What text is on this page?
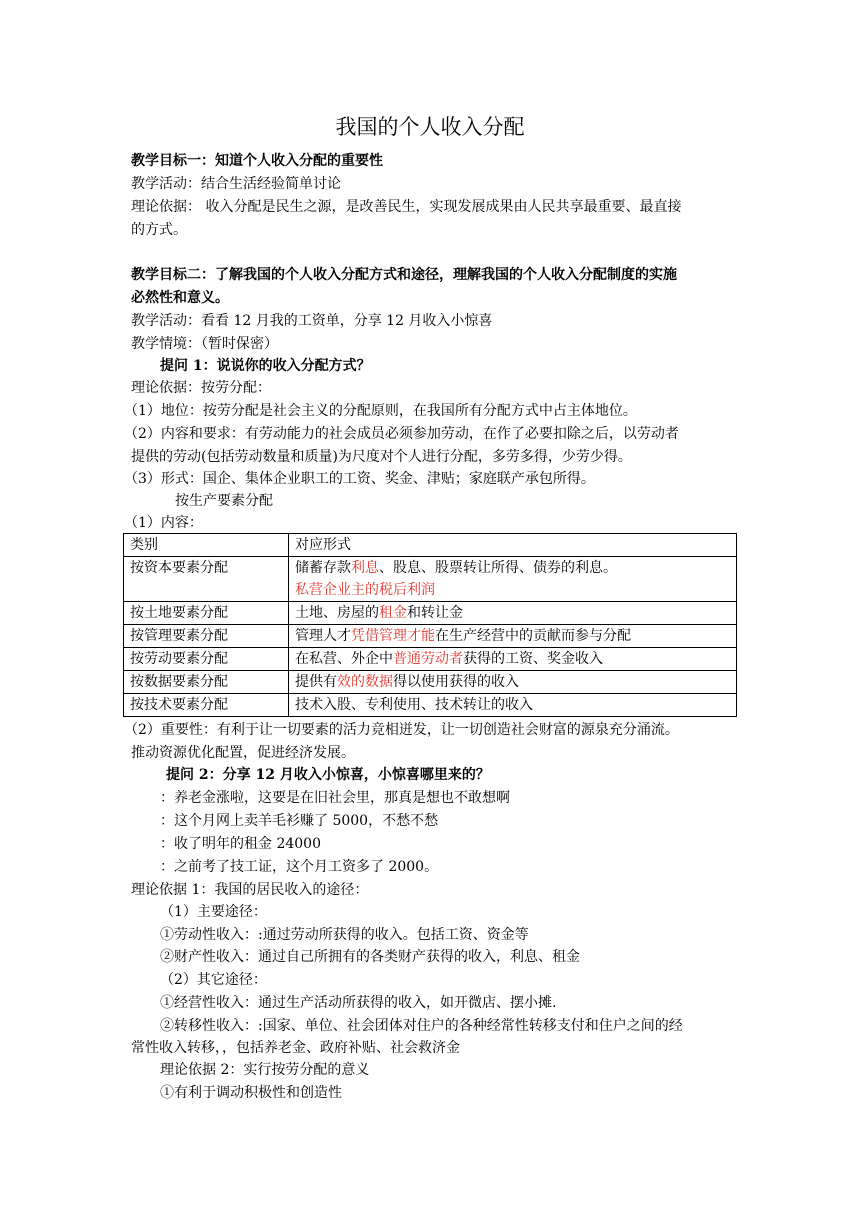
我国的个人收入分配
教学目标一：知道个人收入分配的重要性
教学活动：结合生活经验简单讨论
理论依据： 收入分配是民生之源，是改善民生，实现发展成果由人民共享最重要、最直接
的方式。
教学目标二：了解我国的个人收入分配方式和途径，理解我国的个人收入分配制度的实施
必然性和意义。
教学活动：看看 12 月我的工资单，分享 12 月收入小惊喜
教学情境：（暂时保密）
提问 1：说说你的收入分配方式？
理论依据：按劳分配：
（1）地位：按劳分配是社会主义的分配原则，在我国所有分配方式中占主体地位。
（2）内容和要求：有劳动能力的社会成员必须参加劳动，在作了必要扣除之后，以劳动者
提供的劳动(包括劳动数量和质量)为尺度对个人进行分配，多劳多得，少劳少得。
（3）形式：国企、集体企业职工的工资、奖金、津贴；家庭联产承包所得。
按生产要素分配
（1）内容：
类别	对应形式
按资本要素分配	储蓄存款利息、股息、股票转让所得、债券的利息。
私营企业主的税后利润
按土地要素分配	土地、房屋的租金和转让金
按管理要素分配	管理人才凭借管理才能在生产经营中的贡献而参与分配
按劳动要素分配	在私营、外企中普通劳动者获得的工资、奖金收入
按数据要素分配	提供有效的数据得以使用获得的收入
按技术要素分配	技术入股、专利使用、技术转让的收入
（2）重要性：有利于让一切要素的活力竞相迸发，让一切创造社会财富的源泉充分涌流。
推动资源优化配置，促进经济发展。
提问 2：分享 12 月收入小惊喜，小惊喜哪里来的？
：养老金涨啦，这要是在旧社会里，那真是想也不敢想啊
：这个月网上卖羊毛衫赚了 5000，不愁不愁
：收了明年的租金 24000
：之前考了技工证，这个月工资多了 2000。
理论依据 1：我国的居民收入的途径：
（1）主要途径：
①劳动性收入：:通过劳动所获得的收入。包括工资、资金等
②财产性收入：通过自己所拥有的各类财产获得的收入，利息、租金
（2）其它途径：
①经营性收入：通过生产活动所获得的收入，如开微店、摆小摊.
②转移性收入：:国家、单位、社会团体对住户的各种经常性转移支付和住户之间的经
常性收入转移，，包括养老金、政府补贴、社会救济金
理论依据 2：实行按劳分配的意义
①有利于调动积极性和创造性
